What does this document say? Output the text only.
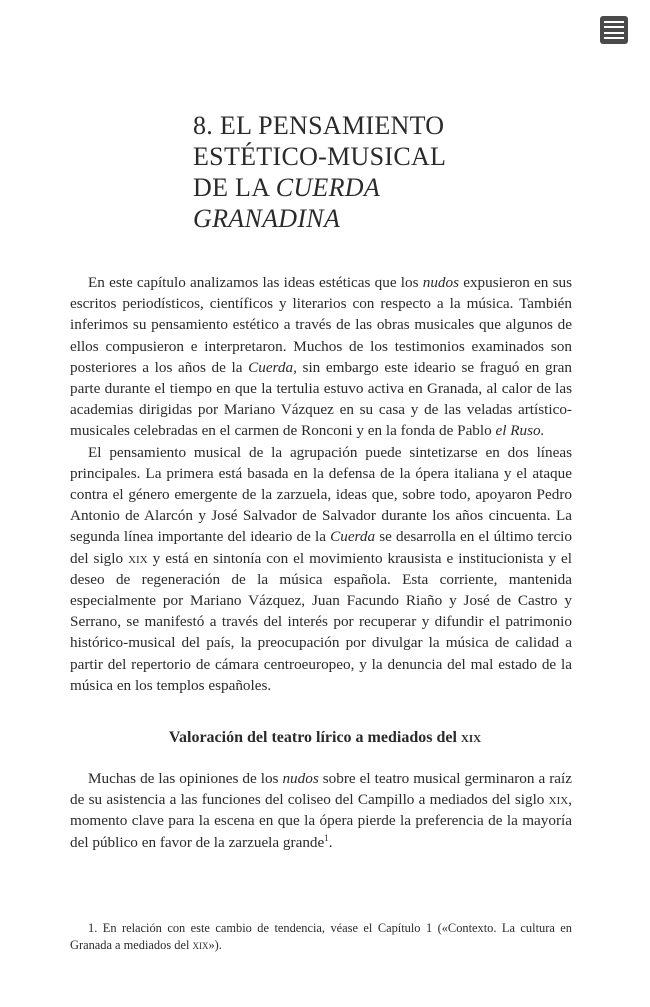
8. EL PENSAMIENTO
ESTÉTICO-MUSICAL
DE LA CUERDA
GRANADINA

En este capítulo analizamos las ideas estéticas que los nudos expusieron en sus escritos periodísticos, científicos y literarios con respecto a la música. También inferimos su pensamiento estético a través de las obras musicales que algunos de ellos compusieron e interpretaron. Muchos de los testimonios examinados son posteriores a los años de la Cuerda, sin embargo este ideario se fraguó en gran parte durante el tiempo en que la tertulia estuvo activa en Granada, al calor de las academias dirigidas por Mariano Vázquez en su casa y de las veladas artístico-musicales celebradas en el carmen de Ronconi y en la fonda de Pablo el Ruso.

El pensamiento musical de la agrupación puede sintetizarse en dos líneas principales. La primera está basada en la defensa de la ópera italiana y el ataque contra el género emergente de la zarzuela, ideas que, sobre todo, apoyaron Pedro Antonio de Alarcón y José Salvador de Salvador durante los años cincuenta. La segunda línea importante del ideario de la Cuerda se desarrolla en el último tercio del siglo xix y está en sintonía con el movimiento krausista e institucionista y el deseo de regeneración de la música española. Esta corriente, mantenida especialmente por Mariano Vázquez, Juan Facundo Riaño y José de Castro y Serrano, se manifestó a través del interés por recuperar y difundir el patrimonio histórico-musical del país, la preocupación por divulgar la música de calidad a partir del repertorio de cámara centroeuropeo, y la denuncia del mal estado de la música en los templos españoles.

Valoración del teatro lírico a mediados del xix

Muchas de las opiniones de los nudos sobre el teatro musical germinaron a raíz de su asistencia a las funciones del coliseo del Campillo a mediados del siglo xix, momento clave para la escena en que la ópera pierde la preferencia de la mayoría del público en favor de la zarzuela grande$^1$.

1. En relación con este cambio de tendencia, véase el Capítulo 1 («Contexto. La cultura en Granada a mediados del xix»).
